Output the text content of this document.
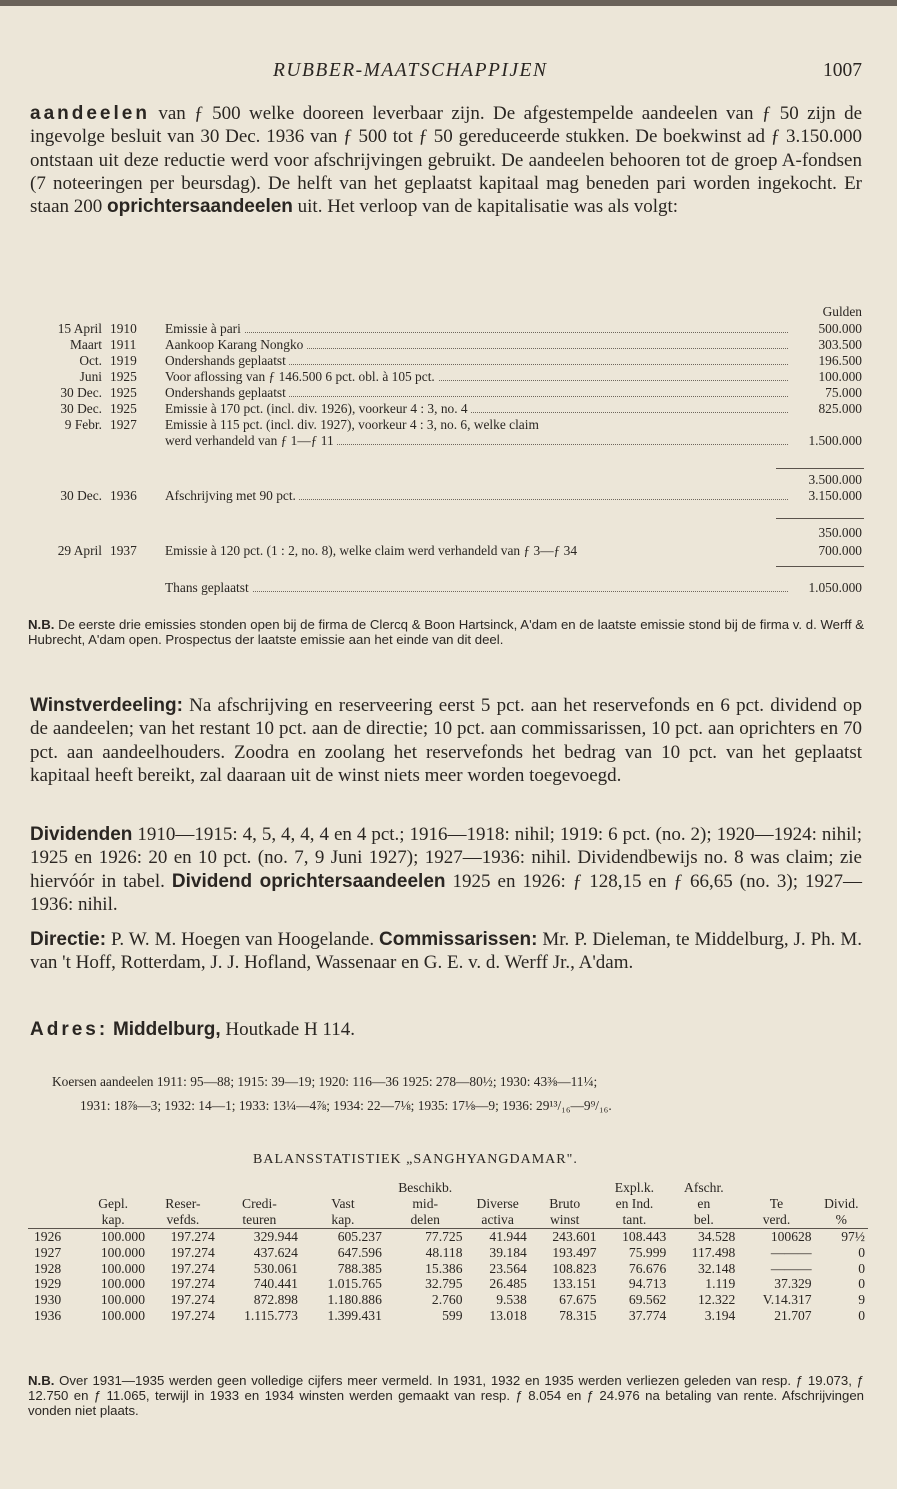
RUBBER-MAATSCHAPPIJEN	1007
aandeelen van ƒ 500 welke dooreen leverbaar zijn. De afgestempelde aandeelen van ƒ 50 zijn de ingevolge besluit van 30 Dec. 1936 van ƒ 500 tot ƒ 50 gereduceerde stukken. De boekwinst ad ƒ 3.150.000 ontstaan uit deze reductie werd voor afschrijvingen gebruikt. De aandeelen behooren tot de groep A-fondsen (7 noteeringen per beursdag). De helft van het geplaatst kapitaal mag beneden pari worden ingekocht. Er staan 200 oprichtersaandeelen uit. Het verloop van de kapitalisatie was als volgt:
Gulden
15 April 1910 Emissie à pari	500.000
Maart 1911 Aankoop Karang Nongko	303.500
Oct. 1919 Ondershands geplaatst	196.500
Juni 1925 Voor aflossing van ƒ 146.500 6 pct. obl. à 105 pct.	100.000
30 Dec. 1925 Ondershands geplaatst	75.000
30 Dec. 1925 Emissie à 170 pct. (incl. div. 1926), voorkeur 4 : 3, no. 4	825.000
9 Febr. 1927 Emissie à 115 pct. (incl. div. 1927), voorkeur 4 : 3, no. 6, welke claim
werd verhandeld van ƒ 1—ƒ 11	1.500.000
3.500.000
30 Dec. 1936 Afschrijving met 90 pct.	3.150.000
350.000
29 April 1937 Emissie à 120 pct. (1 : 2, no. 8), welke claim werd verhandeld van ƒ 3—ƒ 34	700.000
Thans geplaatst	1.050.000
N.B. De eerste drie emissies stonden open bij de firma de Clercq & Boon Hartsinck, A'dam en de laatste emissie stond bij de firma v. d. Werff & Hubrecht, A'dam open. Prospectus der laatste emissie aan het einde van dit deel.
Winstverdeeling: Na afschrijving en reserveering eerst 5 pct. aan het reservefonds en 6 pct. dividend op de aandeelen; van het restant 10 pct. aan de directie; 10 pct. aan commissarissen, 10 pct. aan oprichters en 70 pct. aan aandeelhouders. Zoodra en zoolang het reservefonds het bedrag van 10 pct. van het geplaatst kapitaal heeft bereikt, zal daaraan uit de winst niets meer worden toegevoegd.
Dividenden 1910—1915: 4, 5, 4, 4, 4 en 4 pct.; 1916—1918: nihil; 1919: 6 pct. (no. 2); 1920—1924: nihil; 1925 en 1926: 20 en 10 pct. (no. 7, 9 Juni 1927); 1927—1936: nihil. Dividendbewijs no. 8 was claim; zie hiervóór in tabel. Dividend oprichtersaandeelen 1925 en 1926: ƒ 128,15 en ƒ 66,65 (no. 3); 1927—1936: nihil.
Directie: P. W. M. Hoegen van Hoogelande. Commissarissen: Mr. P. Dieleman, te Middelburg, J. Ph. M. van 't Hoff, Rotterdam, J. J. Hofland, Wassenaar en G. E. v. d. Werff Jr., A'dam.
Adres: Middelburg, Houtkade H 114.
Koersen aandeelen 1911: 95—88; 1915: 39—19; 1920: 116—36 1925: 278—80½; 1930: 43⅜—11¼;
1931: 18⅞—3; 1932: 14—1; 1933: 13¼—4⅞; 1934: 22—7⅛; 1935: 17⅛—9; 1936: 29¹³/₁₆—9⁹/₁₆.
BALANSSTATISTIEK „SANGHYANGDAMAR".
					Beschikb.			Expl.k.	Afschr.		
	Gepl.	Reser-	Credi-	Vast	mid-	Diverse	Bruto	en Ind.	en	Te	Divid.
	kap.	vefds.	teuren	kap.	delen	activa	winst	tant.	bel.	verd.	%
1926	100.000	197.274	329.944	605.237	77.725	41.944	243.601	108.443	34.528	100628	97½
1927	100.000	197.274	437.624	647.596	48.118	39.184	193.497	75.999	117.498	———	0
1928	100.000	197.274	530.061	788.385	15.386	23.564	108.823	76.676	32.148	———	0
1929	100.000	197.274	740.441	1.015.765	32.795	26.485	133.151	94.713	1.119	37.329	0
1930	100.000	197.274	872.898	1.180.886	2.760	9.538	67.675	69.562	12.322	V.14.317	9
1936	100.000	197.274	1.115.773	1.399.431	599	13.018	78.315	37.774	3.194	21.707	0
N.B. Over 1931—1935 werden geen volledige cijfers meer vermeld. In 1931, 1932 en 1935 werden verliezen geleden van resp. ƒ 19.073, ƒ 12.750 en ƒ 11.065, terwijl in 1933 en 1934 winsten werden gemaakt van resp. ƒ 8.054 en ƒ 24.976 na betaling van rente. Afschrijvingen vonden niet plaats.
